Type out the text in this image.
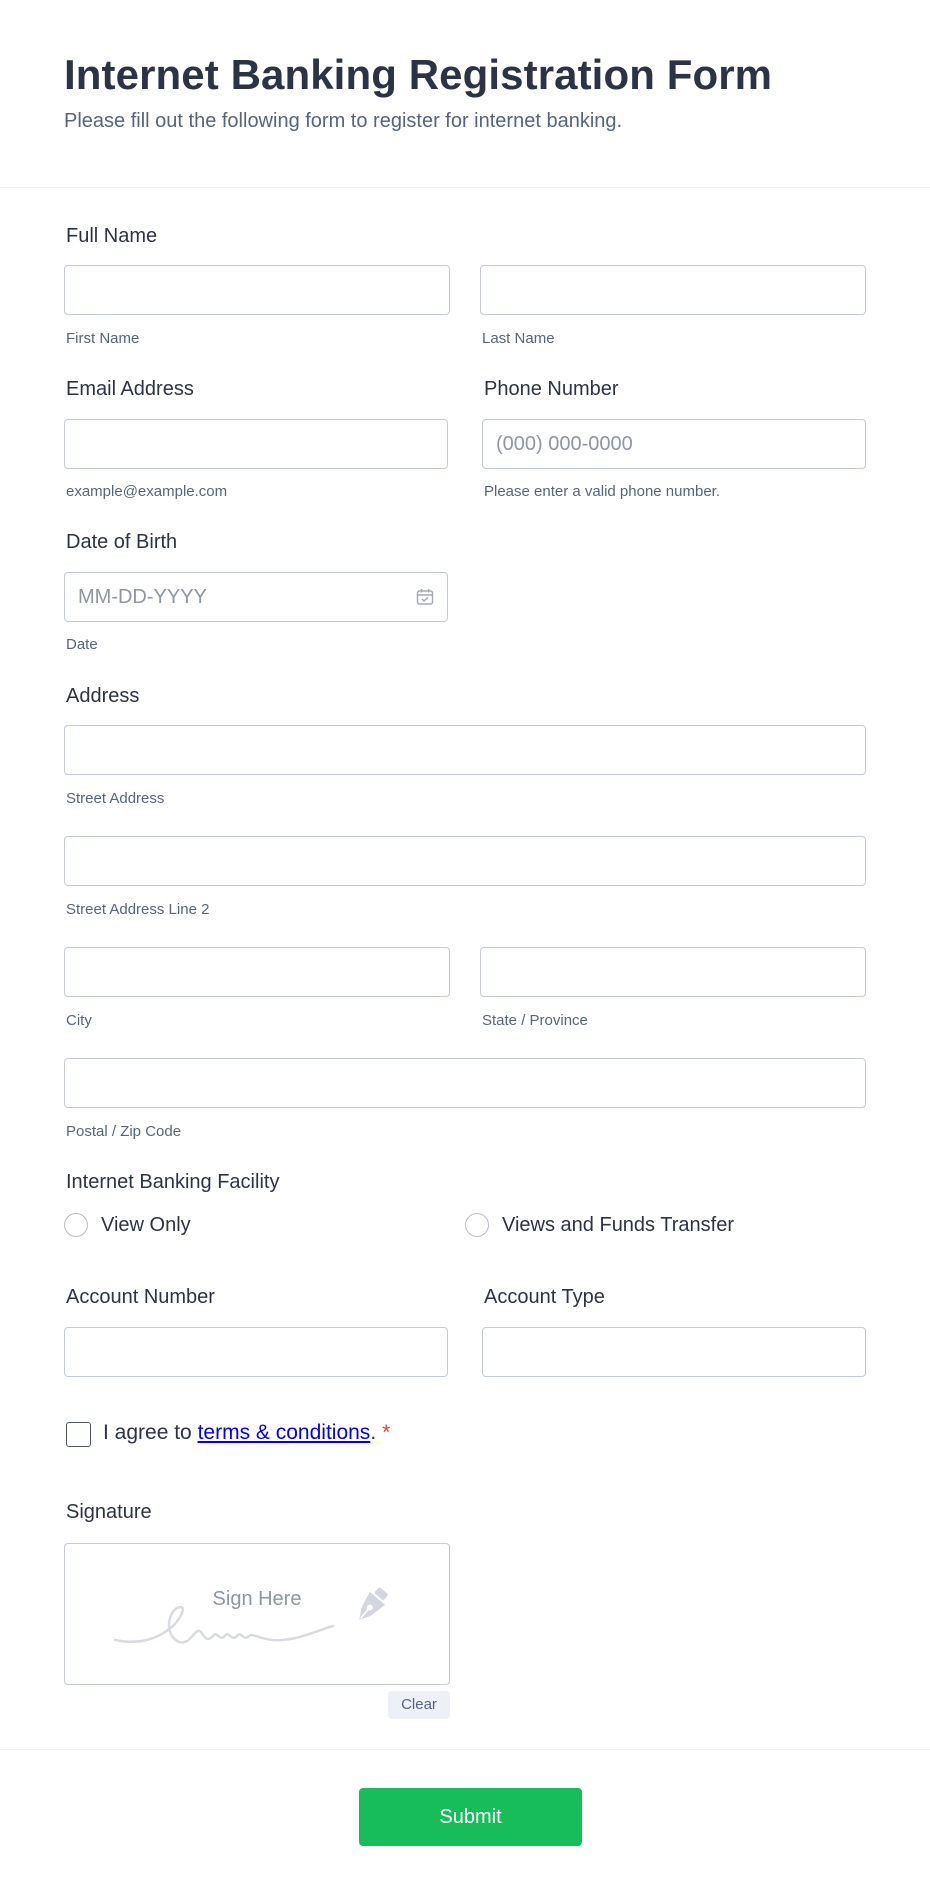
Internet Banking Registration Form
Please fill out the following form to register for internet banking.
Full Name
First Name	Last Name
Email Address	Phone Number
(000) 000-0000
example@example.com	Please enter a valid phone number.
Date of Birth
MM-DD-YYYY
Date
Address
Street Address
Street Address Line 2
City	State / Province
Postal / Zip Code
Internet Banking Facility
View Only	Views and Funds Transfer
Account Number	Account Type
I agree to terms & conditions. *
Signature
Sign Here
Clear
Submit
